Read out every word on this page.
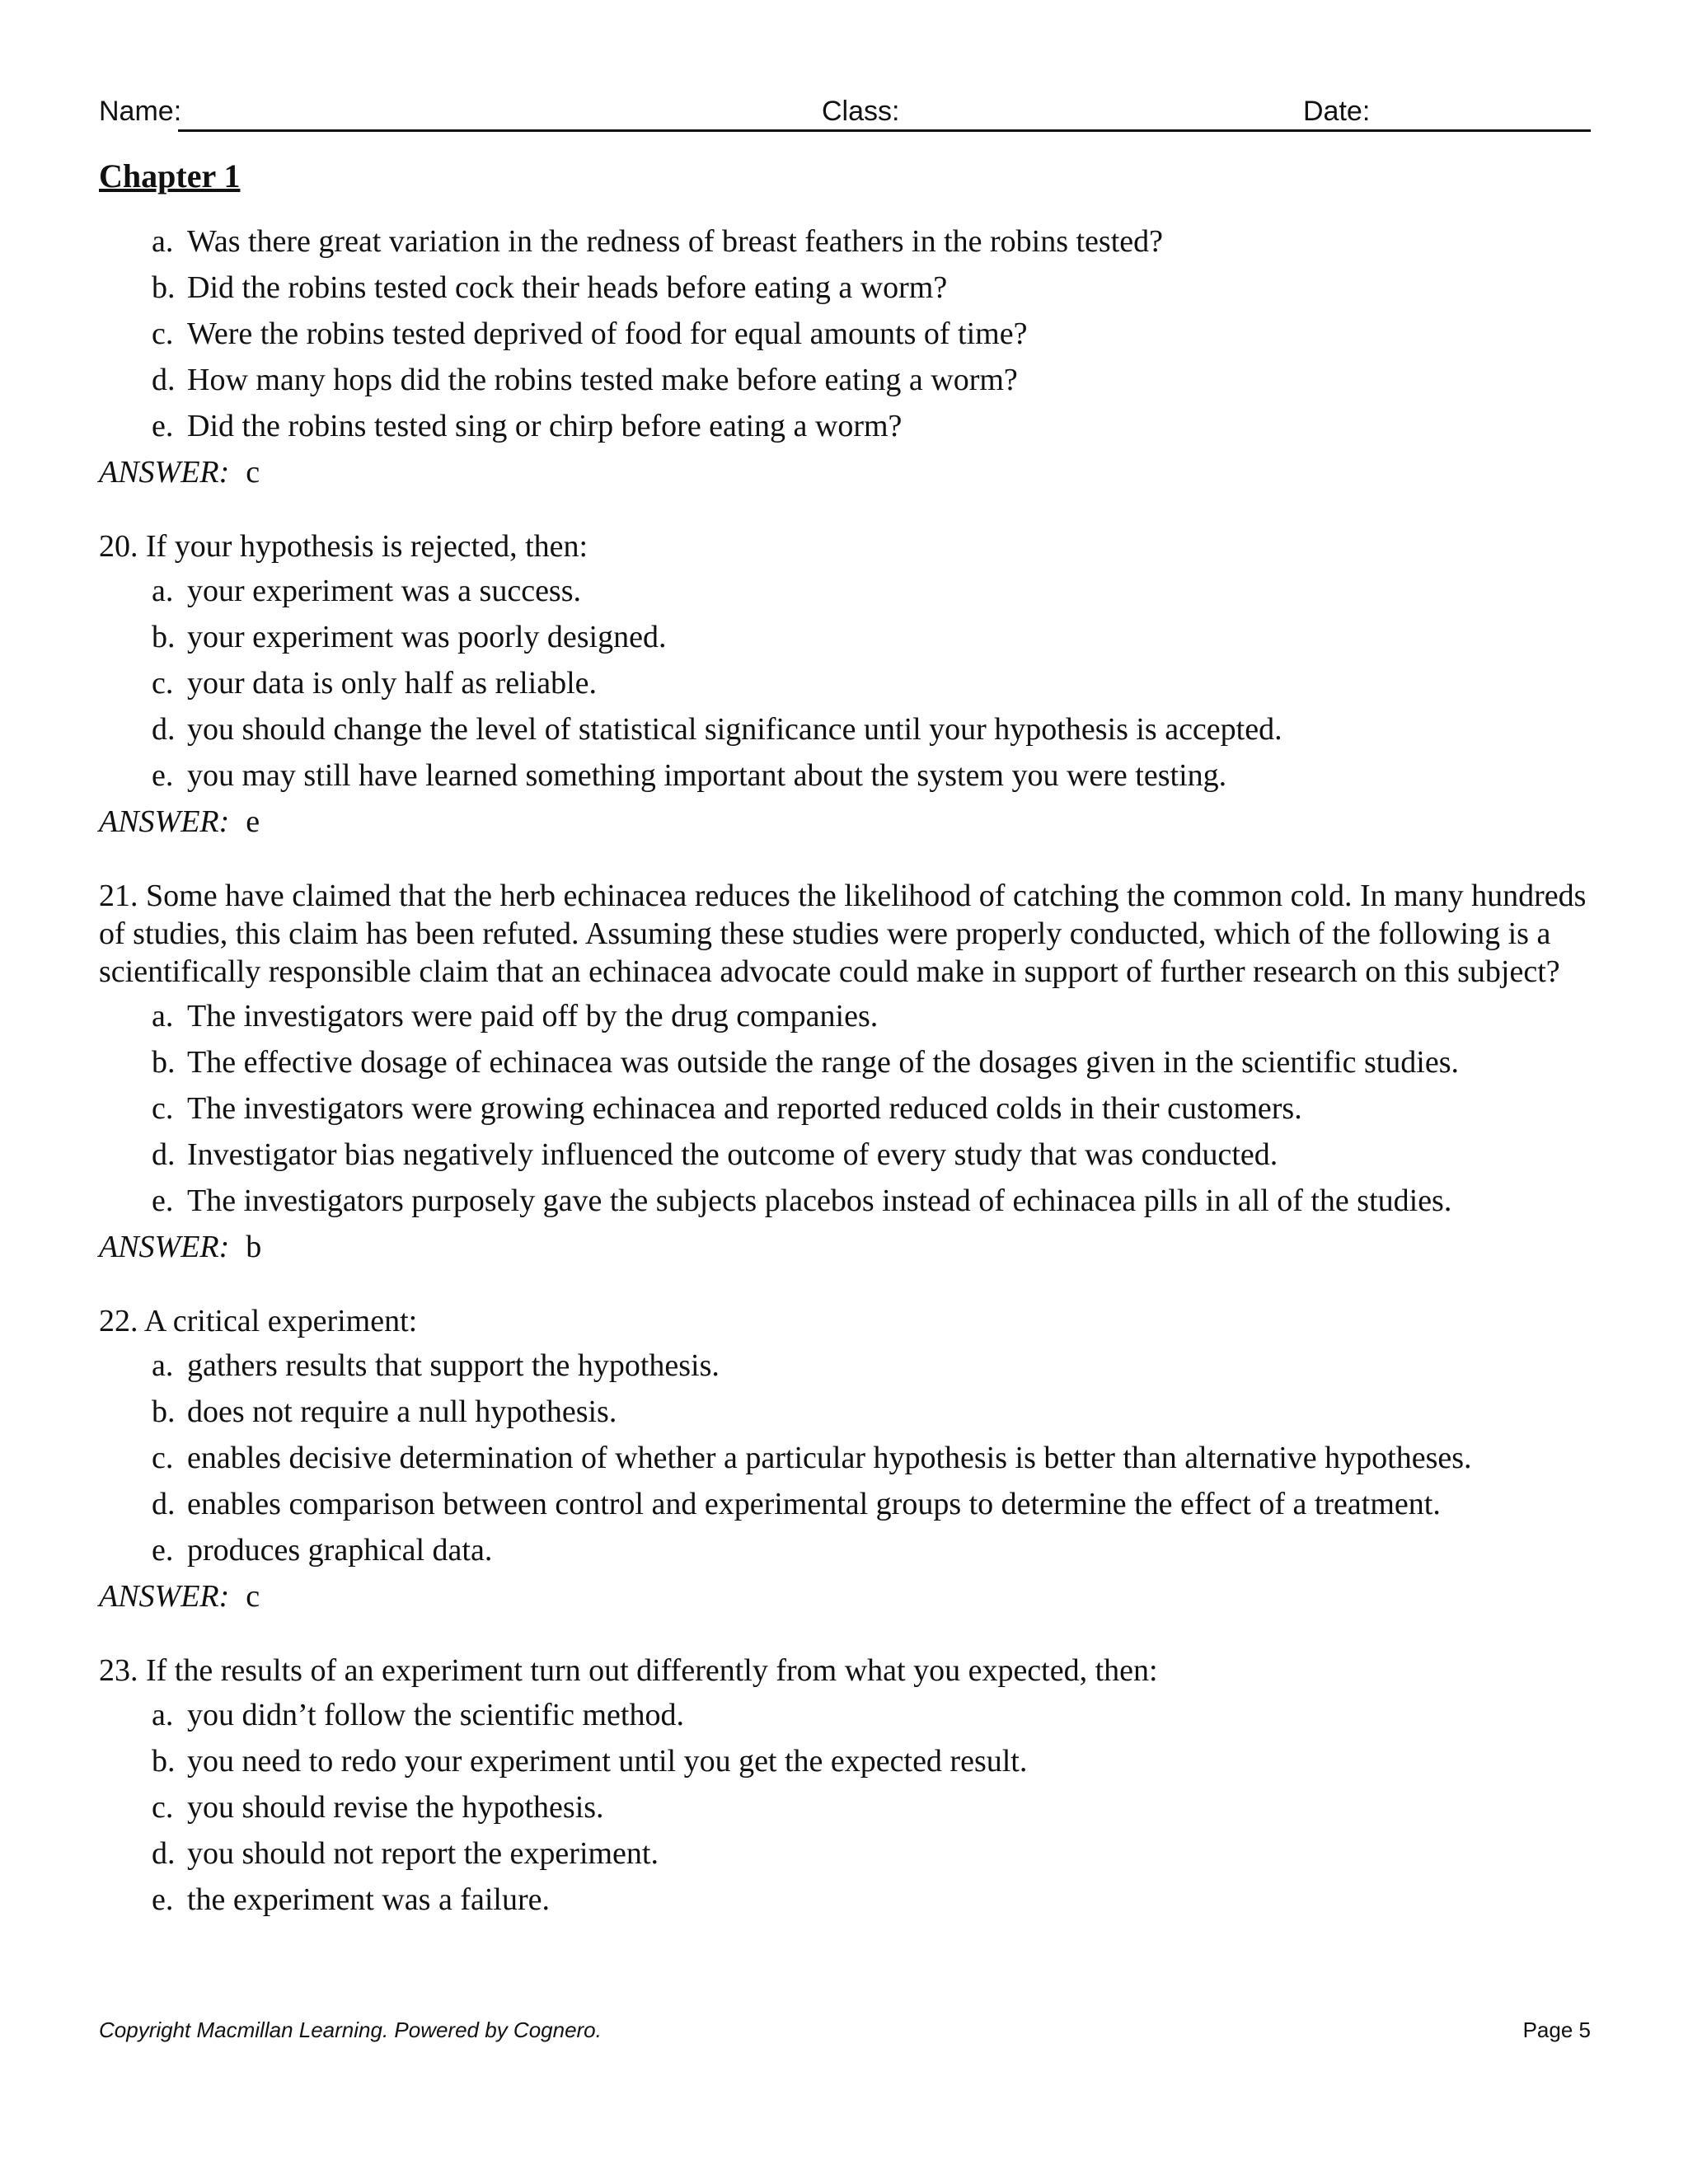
Name:	Class:	Date:
Chapter 1
a. Was there great variation in the redness of breast feathers in the robins tested?
b. Did the robins tested cock their heads before eating a worm?
c. Were the robins tested deprived of food for equal amounts of time?
d. How many hops did the robins tested make before eating a worm?
e. Did the robins tested sing or chirp before eating a worm?
ANSWER: c
20. If your hypothesis is rejected, then:
a. your experiment was a success.
b. your experiment was poorly designed.
c. your data is only half as reliable.
d. you should change the level of statistical significance until your hypothesis is accepted.
e. you may still have learned something important about the system you were testing.
ANSWER: e
21. Some have claimed that the herb echinacea reduces the likelihood of catching the common cold. In many hundreds of studies, this claim has been refuted. Assuming these studies were properly conducted, which of the following is a scientifically responsible claim that an echinacea advocate could make in support of further research on this subject?
a. The investigators were paid off by the drug companies.
b. The effective dosage of echinacea was outside the range of the dosages given in the scientific studies.
c. The investigators were growing echinacea and reported reduced colds in their customers.
d. Investigator bias negatively influenced the outcome of every study that was conducted.
e. The investigators purposely gave the subjects placebos instead of echinacea pills in all of the studies.
ANSWER: b
22. A critical experiment:
a. gathers results that support the hypothesis.
b. does not require a null hypothesis.
c. enables decisive determination of whether a particular hypothesis is better than alternative hypotheses.
d. enables comparison between control and experimental groups to determine the effect of a treatment.
e. produces graphical data.
ANSWER: c
23. If the results of an experiment turn out differently from what you expected, then:
a. you didn’t follow the scientific method.
b. you need to redo your experiment until you get the expected result.
c. you should revise the hypothesis.
d. you should not report the experiment.
e. the experiment was a failure.
Copyright Macmillan Learning. Powered by Cognero.	Page 5
